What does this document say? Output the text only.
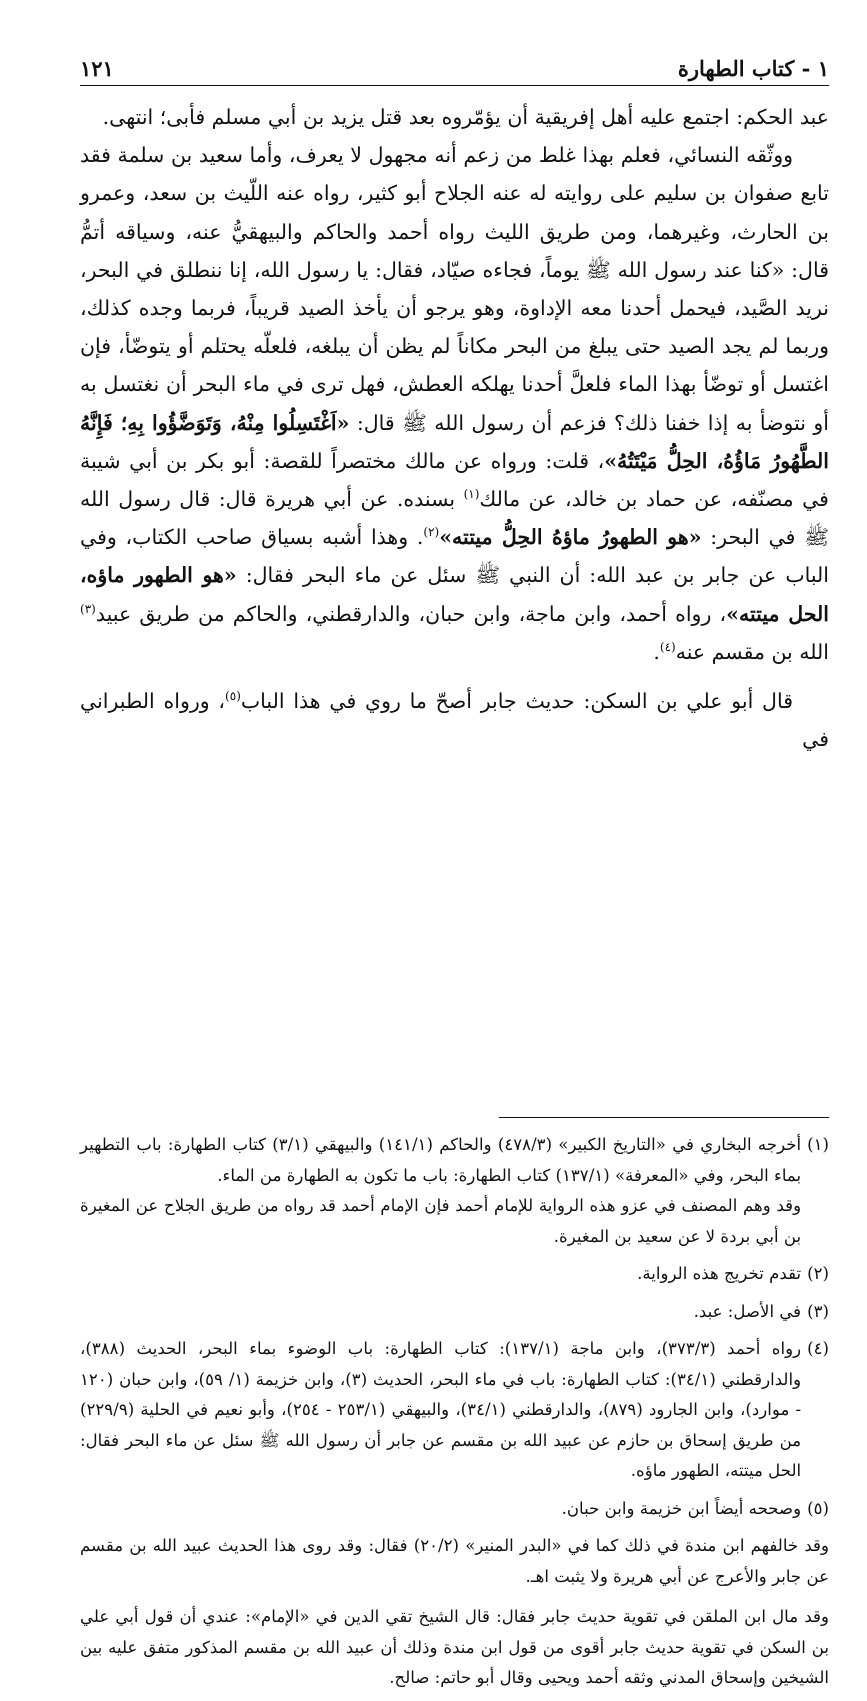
١٢١	١ - كتاب الطهارة

عبد الحكم: اجتمع عليه أهل إفريقية أن يؤمّروه بعد قتل يزيد بن أبي مسلم فأبى؛ انتهى.

ووثّقه النسائي، فعلم بهذا غلط من زعم أنه مجهول لا يعرف، وأما سعيد بن سلمة فقد تابع صفوان بن سليم على روايته له عنه الجلاح أبو كثير، رواه عنه اللّيث بن سعد، وعمرو بن الحارث، وغيرهما، ومن طريق الليث رواه أحمد والحاكم والبيهقيُّ عنه، وسياقه أتمُّ قال: «كنا عند رسول الله ﷺ يوماً، فجاءه صيّاد، فقال: يا رسول الله، إنا ننطلق في البحر، نريد الصَّيد، فيحمل أحدنا معه الإداوة، وهو يرجو أن يأخذ الصيد قريباً، فربما وجده كذلك، وربما لم يجد الصيد حتى يبلغ من البحر مكاناً لم يظن أن يبلغه، فلعلّه يحتلم أو يتوضّأ، فإن اغتسل أو توضّأ بهذا الماء فلعلَّ أحدنا يهلكه العطش، فهل ترى في ماء البحر أن نغتسل به أو نتوضأ به إذا خفنا ذلك؟ فزعم أن رسول الله ﷺ قال: «اَغْتَسِلُوا مِنْهُ، وَتَوَضَّؤُوا بِهِ؛ فَإِنَّهُ الطَّهُورُ مَاؤُهُ، الحِلُّ مَيْتَتُهُ»، قلت: ورواه عن مالك مختصراً للقصة: أبو بكر بن أبي شيبة في مصنّفه، عن حماد بن خالد، عن مالك$^{(١)}$ بسنده. عن أبي هريرة قال: قال رسول الله ﷺ في البحر: «هو الطهورُ ماؤهُ الحِلُّ ميتته»$^{(٢)}$. وهذا أشبه بسياق صاحب الكتاب، وفي الباب عن جابر بن عبد الله: أن النبي ﷺ سئل عن ماء البحر فقال: «هو الطهور ماؤه، الحل ميتته»، رواه أحمد، وابن ماجة، وابن حبان، والدارقطني، والحاكم من طريق عبيد$^{(٣)}$ الله بن مقسم عنه$^{(٤)}$.

قال أبو علي بن السكن: حديث جابر أصحّ ما روي في هذا الباب$^{(٥)}$، ورواه الطبراني في

(١)

أخرجه البخاري في «التاريخ الكبير» (٤٧٨/٣) والحاكم (١٤١/١) والبيهقي (٣/١) كتاب الطهارة: باب التطهير بماء البحر، وفي «المعرفة» (١٣٧/١) كتاب الطهارة: باب ما تكون به الطهارة من الماء.

وقد وهم المصنف في عزو هذه الرواية للإمام أحمد فإن الإمام أحمد قد رواه من طريق الجلاح عن المغيرة بن أبي بردة لا عن سعيد بن المغيرة.

(٢)

تقدم تخريج هذه الرواية.

(٣)

في الأصل: عبد.

(٤)

رواه أحمد (٣٧٣/٣)، وابن ماجة (١٣٧/١): كتاب الطهارة: باب الوضوء بماء البحر، الحديث (٣٨٨)، والدارقطني (٣٤/١): كتاب الطهارة: باب في ماء البحر، الحديث (٣)، وابن خزيمة (١/ ٥٩)، وابن حبان (١٢٠ - موارد)، وابن الجارود (٨٧٩)، والدارقطني (٣٤/١)، والبيهقي (٢٥٣/١ - ٢٥٤)، وأبو نعيم في الحلية (٢٢٩/٩) من طريق إسحاق بن حازم عن عبيد الله بن مقسم عن جابر أن رسول الله ﷺ سئل عن ماء البحر فقال: الحل ميتته، الطهور ماؤه.

(٥)

وصححه أيضاً ابن خزيمة وابن حبان.

وقد خالفهم ابن مندة في ذلك كما في «البدر المنير» (٢٠/٢) فقال: وقد روى هذا الحديث عبيد الله بن مقسم عن جابر والأعرج عن أبي هريرة ولا يثبت اهـ.

وقد مال ابن الملقن في تقوية حديث جابر فقال: قال الشيخ تقي الدين في «الإمام»: عندي أن قول أبي علي بن السكن في تقوية حديث جابر أقوى من قول ابن مندة وذلك أن عبيد الله بن مقسم المذكور متفق عليه بين الشيخين وإسحاق المدني وثقه أحمد ويحيى وقال أبو حاتم: صالح.
